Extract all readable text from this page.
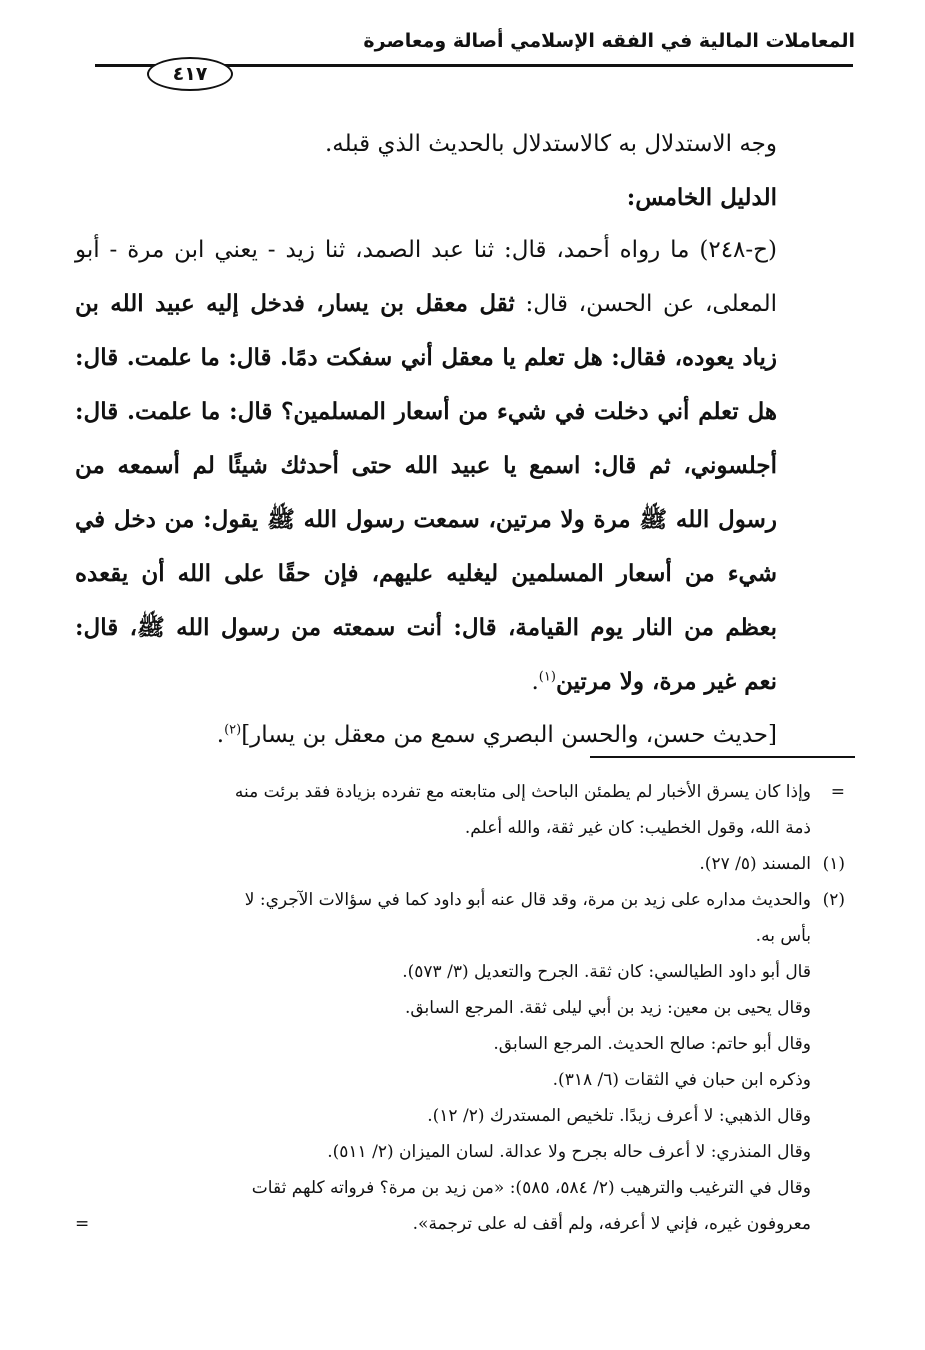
المعاملات المالية في الفقه الإسلامي أصالة ومعاصرة
٤١٧

وجه الاستدلال به كالاستدلال بالحديث الذي قبله.

الدليل الخامس:

(ح-٢٤٨) ما رواه أحمد، قال: ثنا عبد الصمد، ثنا زيد - يعني ابن مرة - أبو المعلى، عن الحسن، قال: ثقل معقل بن يسار، فدخل إليه عبيد الله بن زياد يعوده، فقال: هل تعلم يا معقل أني سفكت دمًا. قال: ما علمت. قال: هل تعلم أني دخلت في شيء من أسعار المسلمين؟ قال: ما علمت. قال: أجلسوني، ثم قال: اسمع يا عبيد الله حتى أحدثك شيئًا لم أسمعه من رسول الله ﷺ مرة ولا مرتين، سمعت رسول الله ﷺ يقول: من دخل في شيء من أسعار المسلمين ليغليه عليهم، فإن حقًا على الله أن يقعده بعظم من النار يوم القيامة، قال: أنت سمعته من رسول الله ﷺ، قال: نعم غير مرة، ولا مرتين$^{(١)}$.

[حديث حسن، والحسن البصري سمع من معقل بن يسار]$^{(٢)}$.

=
وإذا كان يسرق الأخبار لم يطمئن الباحث إلى متابعته مع تفرده بزيادة فقد برئت منه
ذمة الله، وقول الخطيب: كان غير ثقة، والله أعلم.
(١)
المسند (٥/ ٢٧).
(٢)
والحديث مداره على زيد بن مرة، وقد قال عنه أبو داود كما في سؤالات الآجري: لا
بأس به.
قال أبو داود الطيالسي: كان ثقة. الجرح والتعديل (٣/ ٥٧٣).
وقال يحيى بن معين: زيد بن أبي ليلى ثقة. المرجع السابق.
وقال أبو حاتم: صالح الحديث. المرجع السابق.
وذكره ابن حبان في الثقات (٦/ ٣١٨).
وقال الذهبي: لا أعرف زيدًا. تلخيص المستدرك (٢/ ١٢).
وقال المنذري: لا أعرف حاله بجرح ولا عدالة. لسان الميزان (٢/ ٥١١).
وقال في الترغيب والترهيب (٢/ ٥٨٤، ٥٨٥): «من زيد بن مرة؟ فرواته كلهم ثقات
معروفون غيره، فإني لا أعرفه، ولم أقف له على ترجمة».
=
